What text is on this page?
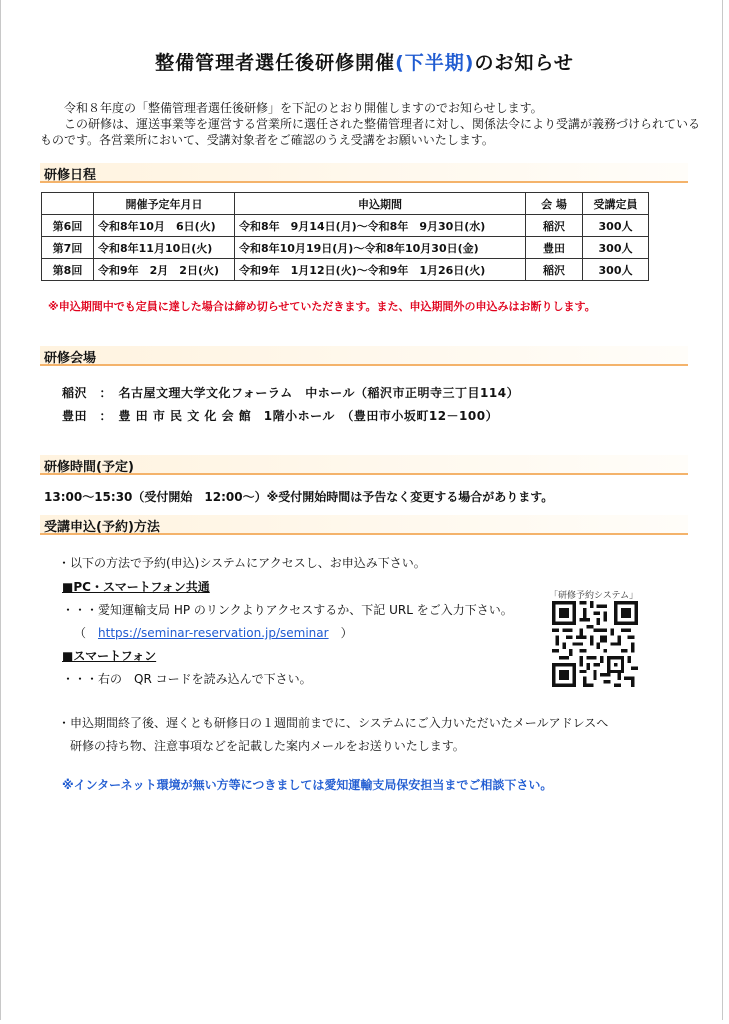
整備管理者選任後研修開催(下半期)のお知らせ

令和８年度の「整備管理者選任後研修」を下記のとおり開催しますのでお知らせします。

この研修は、運送事業等を運営する営業所に選任された整備管理者に対し、関係法令により受講が義務づけられているものです。各営業所において、受講対象者をご確認のうえ受講をお願いいたします。

研修日程
	開催予定年月日	申込期間	会 場	受講定員
第6回	令和8年10月　6日(火)	令和8年　9月14日(月)～令和8年　9月30日(水)	稲沢	300人
第7回	令和8年11月10日(火)	令和8年10月19日(月)～令和8年10月30日(金)	豊田	300人
第8回	令和9年　2月　2日(火)	令和9年　1月12日(火)～令和9年　1月26日(火)	稲沢	300人
※申込期間中でも定員に達した場合は締め切らせていただきます。また、申込期間外の申込みはお断りします。
研修会場
稲沢　：　名古屋文理大学文化フォーラム　中ホール（稲沢市正明寺三丁目114）
豊田　：　豊 田 市 民 文 化 会 館　1階小ホール　（豊田市小坂町12－100）
研修時間(予定)
13:00～15:30（受付開始　12:00～）※受付開始時間は予告なく変更する場合があります。
受講申込(予約)方法
・以下の方法で予約(申込)システムにアクセスし、お申込み下さい。
■PC・スマートフォン共通
・・・愛知運輸支局 HP のリンクよりアクセスするか、下記 URL をご入力下さい。
（　https://seminar-reservation.jp/seminar　）
■スマートフォン
・・・右の　QR コードを読み込んで下さい。
「研修予約システム」
・申込期間終了後、遅くとも研修日の１週間前までに、システムにご入力いただいたメールアドレスへ
研修の持ち物、注意事項などを記載した案内メールをお送りいたします。
※インターネット環境が無い方等につきましては愛知運輸支局保安担当までご相談下さい。
